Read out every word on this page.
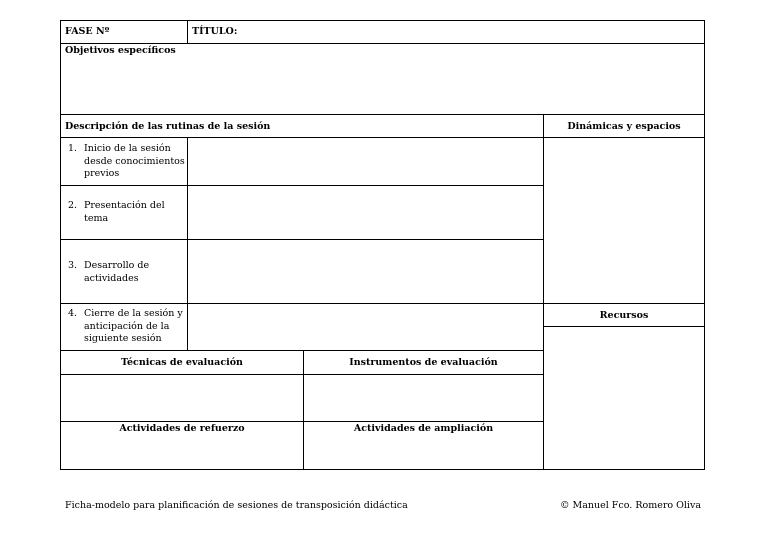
FASE Nº	TÍTULO:
Objetivos específicos
Descripción de las rutinas de la sesión	Dinámicas y espacios
1. Inicio de la sesión desde conocimientos previos
2. Presentación del tema
3. Desarrollo de actividades
4. Cierre de la sesión y anticipación de la siguiente sesión
Recursos
Técnicas de evaluación	Instrumentos de evaluación
Actividades de refuerzo	Actividades de ampliación
Ficha-modelo para planificación de sesiones de transposición didáctica	© Manuel Fco. Romero Oliva
